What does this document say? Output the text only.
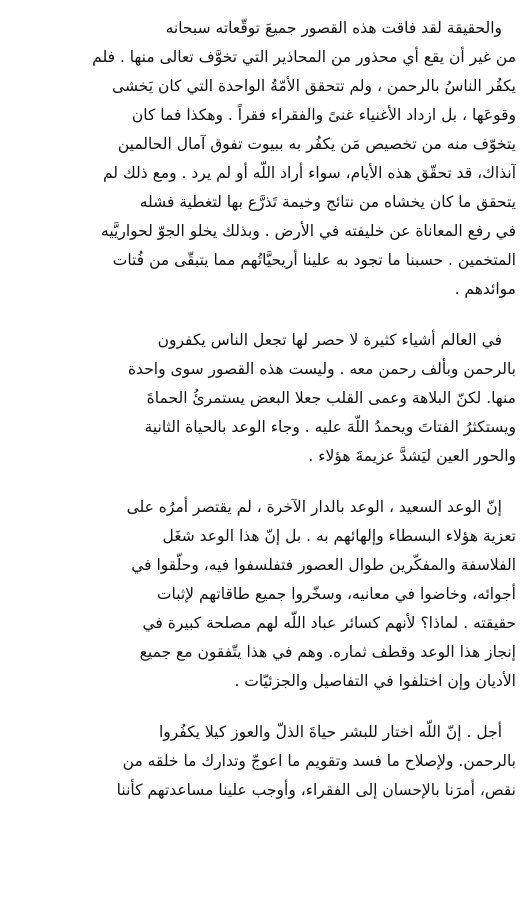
والحقيقة لقد فاقت هذه القصور جميعَ توقّعاته سبحانه
من غير أن يقع أي محذور من المحاذير التي تخوَّف تعالى منها . فلم
يكفُر الناسُ بالرحمن ، ولم تتحقق الأمّةُ الواحدة التي كان يَخشى
وقوعَها ، بل ازداد الأغنياء غنىً والفقراء فقراً . وهكذا فما كان
يتخوّف منه من تخصيص مَن يكفُر به ببيوت تفوق آمال الحالمين
آنذاك، قد تحقّق هذه الأيام، سواء أراد اللّه أو لم يرد . ومع ذلك لم
يتحقق ما كان يخشاه من نتائج وخيمة تَذرَّع بها لتغطية فشله
في رفع المعاناة عن خليفته في الأرض . وبذلك يخلو الجوّ لحواريَّيه
المتخمين . حسبنا ما تجود به علينا أريحيَّاتُهم مما يتبقّى من فُتات
موائدهم .
في العالم أشياء كثيرة لا حصر لها تجعل الناس يكفرون
بالرحمن وبألف رحمن معه . وليست هذه القصور سوى واحدة
منها. لكنّ البلاهة وعمى القلب جعلا البعض يستمرئُ الحماةَ
ويستكثرُ الفتاتَ ويحمدُ اللّهَ عليه . وجاء الوعد بالحياة الثانية
والحور العين ليَشدَّ عزيمةَ هؤلاء .
إنّ الوعد السعيد ، الوعد بالدار الآخرة ، لم يقتصر أمرُه على
تعزية هؤلاء البسطاء وإلهائهم به . بل إنّ هذا الوعد شغَل
الفلاسفة والمفكّرين طوال العصور فتفلسفوا فيه، وحلّقوا في
أجوائه، وخاضوا في معانيه، وسخّروا جميع طاقاتهم لإثبات
حقيقته . لماذا؟ لأنهم كسائر عباد اللّه لهم مصلحة كبيرة في
إنجاز هذا الوعد وقطف ثماره. وهم في هذا يتّفقون مع جميع
الأديان وإن اختلفوا في التفاصيل والجزئيّات .
أجل . إنّ اللّه اختار للبشر حياةَ الذلّ والعوز كيلا يكفُروا
بالرحمن. ولإصلاح ما فسد وتقويم ما اعوجّ وتدارك ما خلقه من
نقص، أمرَنا بالإحسان إلى الفقراء، وأوجب علينا مساعدتهم كأننا
